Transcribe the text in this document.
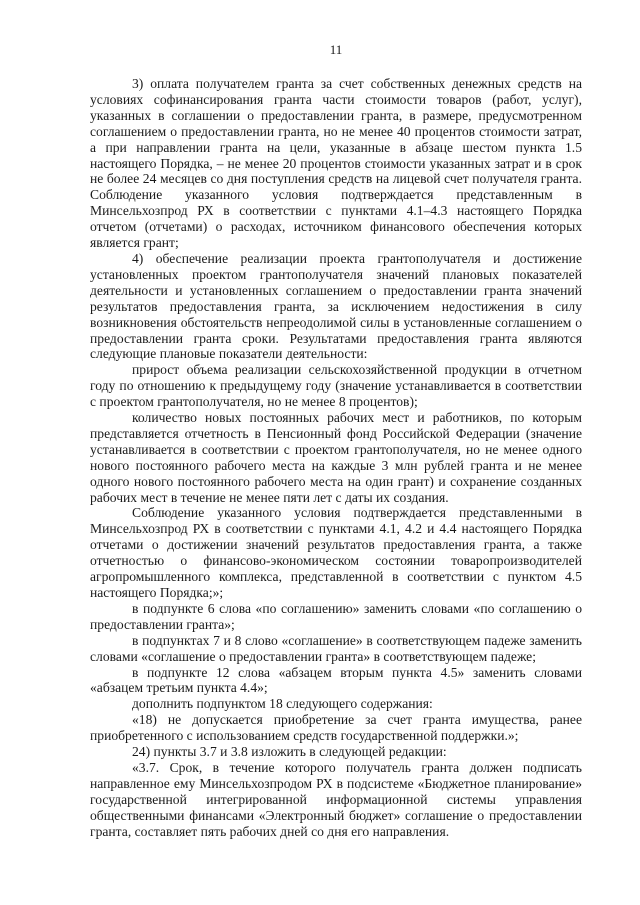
11

3) оплата получателем гранта за счет собственных денежных средств на условиях софинансирования гранта части стоимости товаров (работ, услуг), указанных в соглашении о предоставлении гранта, в размере, предусмотренном соглашением о предоставлении гранта, но не менее 40 процентов стоимости затрат, а при направлении гранта на цели, указанные в абзаце шестом пункта 1.5 настоящего Порядка, – не менее 20 процентов стоимости указанных затрат и в срок не более 24 месяцев со дня поступления средств на лицевой счет получателя гранта. Соблюдение указанного условия подтверждается представленным в Минсельхозпрод РХ в соответствии с пунктами 4.1–4.3 настоящего Порядка отчетом (отчетами) о расходах, источником финансового обеспечения которых является грант;

4) обеспечение реализации проекта грантополучателя и достижение установленных проектом грантополучателя значений плановых показателей деятельности и установленных соглашением о предоставлении гранта значений результатов предоставления гранта, за исключением недостижения в силу возникновения обстоятельств непреодолимой силы в установленные соглашением о предоставлении гранта сроки. Результатами предоставления гранта являются следующие плановые показатели деятельности:

прирост объема реализации сельскохозяйственной продукции в отчетном году по отношению к предыдущему году (значение устанавливается в соответствии с проектом грантополучателя, но не менее 8 процентов);

количество новых постоянных рабочих мест и работников, по которым представляется отчетность в Пенсионный фонд Российской Федерации (значение устанавливается в соответствии с проектом грантополучателя, но не менее одного нового постоянного рабочего места на каждые 3 млн рублей гранта и не менее одного нового постоянного рабочего места на один грант) и сохранение созданных рабочих мест в течение не менее пяти лет с даты их создания.

Соблюдение указанного условия подтверждается представленными в Минсельхозпрод РХ в соответствии с пунктами 4.1, 4.2 и 4.4 настоящего Порядка отчетами о достижении значений результатов предоставления гранта, а также отчетностью о финансово-экономическом состоянии товаропроизводителей агропромышленного комплекса, представленной в соответствии с пунктом 4.5 настоящего Порядка;»;

в подпункте 6 слова «по соглашению» заменить словами «по соглашению о предоставлении гранта»;

в подпунктах 7 и 8 слово «соглашение» в соответствующем падеже заменить словами «соглашение о предоставлении гранта» в соответствующем падеже;

в подпункте 12 слова «абзацем вторым пункта 4.5» заменить словами «абзацем третьим пункта 4.4»;

дополнить подпунктом 18 следующего содержания:

«18) не допускается приобретение за счет гранта имущества, ранее приобретенного с использованием средств государственной поддержки.»;

24) пункты 3.7 и 3.8 изложить в следующей редакции:

«3.7. Срок, в течение которого получатель гранта должен подписать направленное ему Минсельхозпродом РХ в подсистеме «Бюджетное планирование» государственной интегрированной информационной системы управления общественными финансами «Электронный бюджет» соглашение о предоставлении гранта, составляет пять рабочих дней со дня его направления.
